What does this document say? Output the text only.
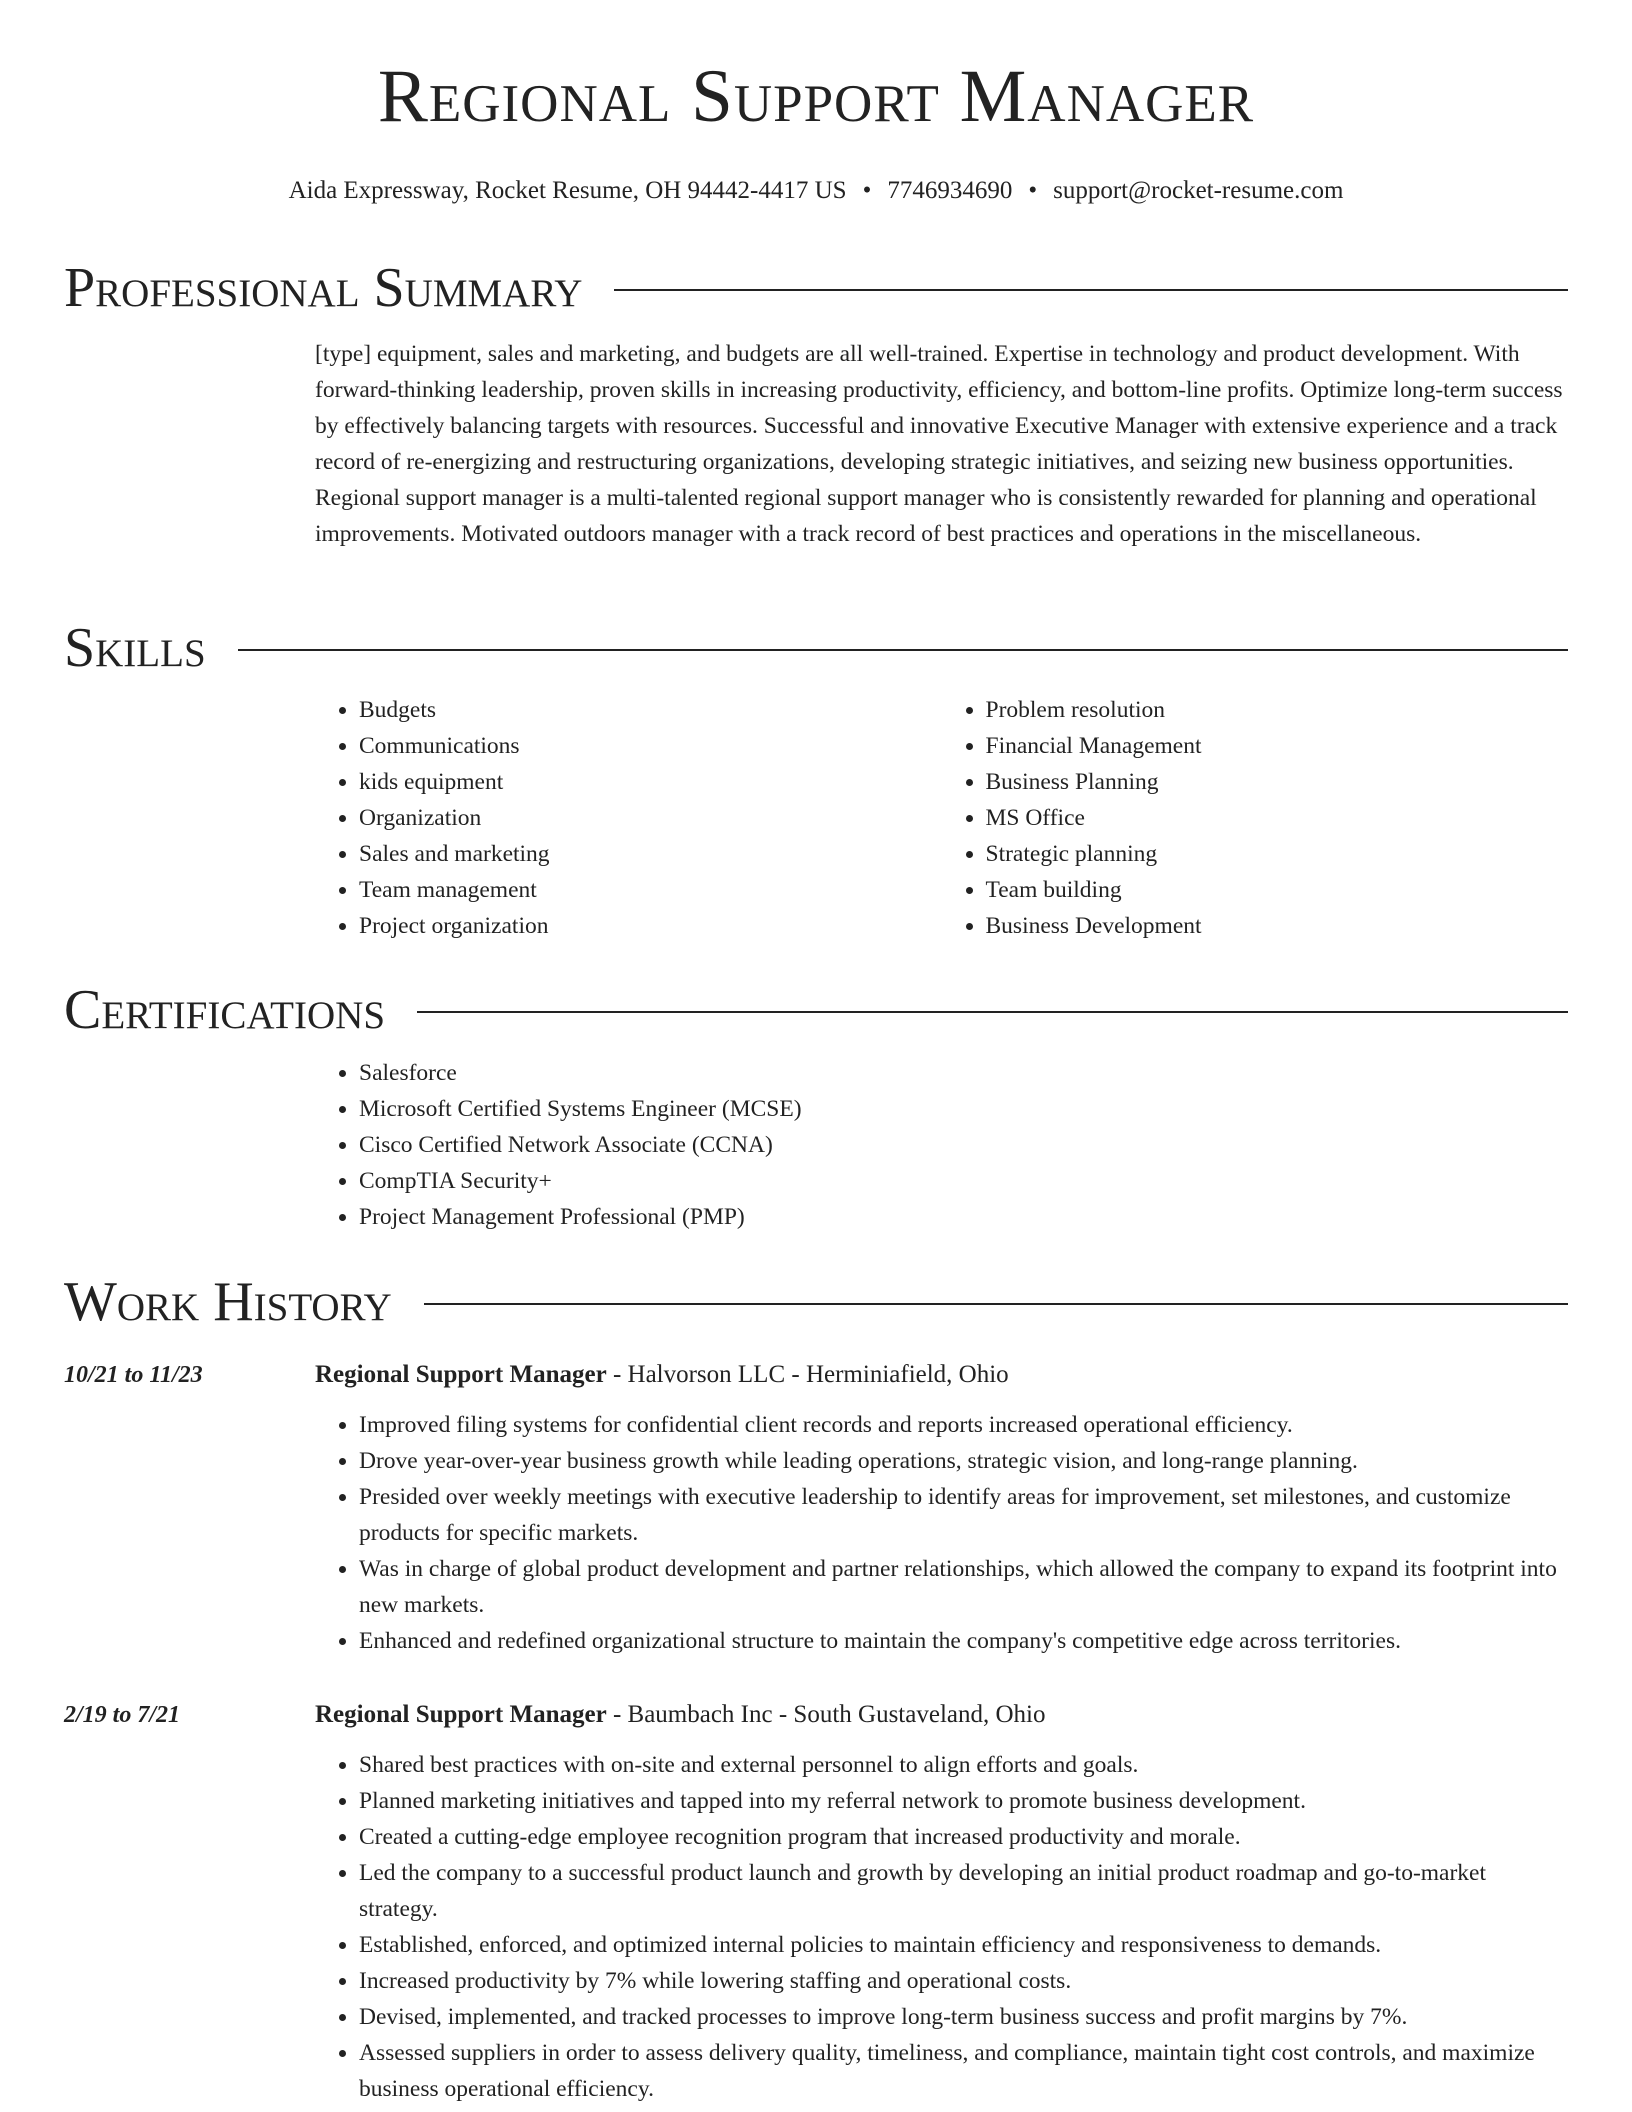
Regional Support Manager
Aida Expressway, Rocket Resume, OH 94442-4417 US • 7746934690 • support@rocket-resume.com
Professional Summary

[type] equipment, sales and marketing, and budgets are all well-trained. Expertise in technology and product development. With forward-thinking leadership, proven skills in increasing productivity, efficiency, and bottom-line profits. Optimize long-term success by effectively balancing targets with resources. Successful and innovative Executive Manager with extensive experience and a track record of re-energizing and restructuring organizations, developing strategic initiatives, and seizing new business opportunities. Regional support manager is a multi-talented regional support manager who is consistently rewarded for planning and operational improvements. Motivated outdoors manager with a track record of best practices and operations in the miscellaneous.

Skills
• Budgets
• Communications
• kids equipment
• Organization
• Sales and marketing
• Team management
• Project organization
• Problem resolution
• Financial Management
• Business Planning
• MS Office
• Strategic planning
• Team building
• Business Development
Certifications
• Salesforce
• Microsoft Certified Systems Engineer (MCSE)
• Cisco Certified Network Associate (CCNA)
• CompTIA Security+
• Project Management Professional (PMP)
Work History
10/21 to 11/23	Regional Support Manager - Halvorson LLC - Herminiafield, Ohio
• Improved filing systems for confidential client records and reports increased operational efficiency.
• Drove year-over-year business growth while leading operations, strategic vision, and long-range planning.
• Presided over weekly meetings with executive leadership to identify areas for improvement, set milestones, and customize products for specific markets.
• Was in charge of global product development and partner relationships, which allowed the company to expand its footprint into new markets.
• Enhanced and redefined organizational structure to maintain the company's competitive edge across territories.
2/19 to 7/21	Regional Support Manager - Baumbach Inc - South Gustaveland, Ohio
• Shared best practices with on-site and external personnel to align efforts and goals.
• Planned marketing initiatives and tapped into my referral network to promote business development.
• Created a cutting-edge employee recognition program that increased productivity and morale.
• Led the company to a successful product launch and growth by developing an initial product roadmap and go-to-market strategy.
• Established, enforced, and optimized internal policies to maintain efficiency and responsiveness to demands.
• Increased productivity by 7% while lowering staffing and operational costs.
• Devised, implemented, and tracked processes to improve long-term business success and profit margins by 7%.
• Assessed suppliers in order to assess delivery quality, timeliness, and compliance, maintain tight cost controls, and maximize business operational efficiency.
